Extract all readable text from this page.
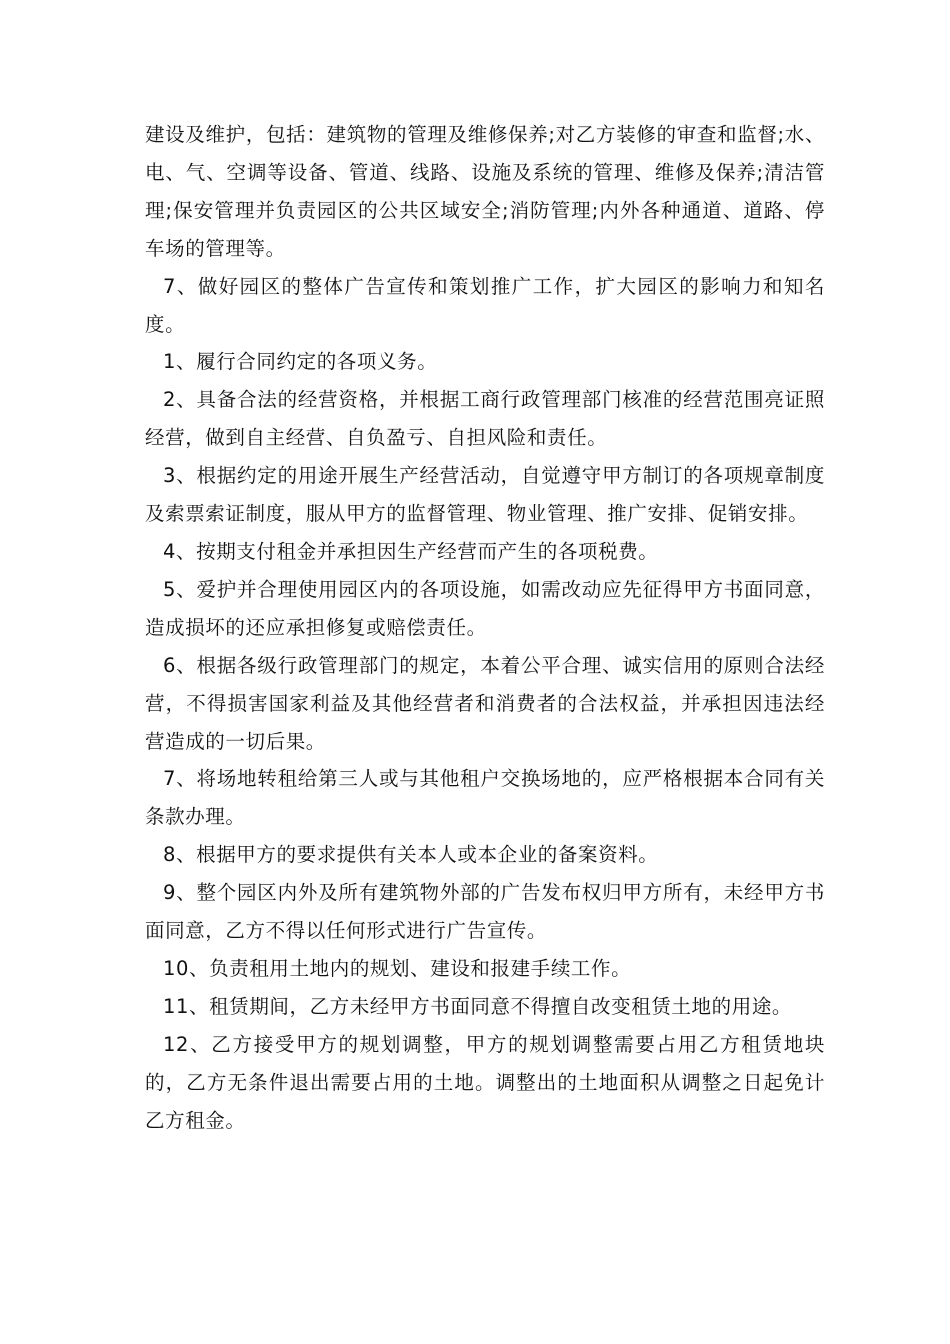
建设及维护，包括：建筑物的管理及维修保养;对乙方装修的审查和监督;水、电、气、空调等设备、管道、线路、设施及系统的管理、维修及保养;清洁管理;保安管理并负责园区的公共区域安全;消防管理;内外各种通道、道路、停车场的管理等。

7、做好园区的整体广告宣传和策划推广工作，扩大园区的影响力和知名度。

1、履行合同约定的各项义务。

2、具备合法的经营资格，并根据工商行政管理部门核准的经营范围亮证照经营，做到自主经营、自负盈亏、自担风险和责任。

3、根据约定的用途开展生产经营活动，自觉遵守甲方制订的各项规章制度及索票索证制度，服从甲方的监督管理、物业管理、推广安排、促销安排。

4、按期支付租金并承担因生产经营而产生的各项税费。

5、爱护并合理使用园区内的各项设施，如需改动应先征得甲方书面同意，造成损坏的还应承担修复或赔偿责任。

6、根据各级行政管理部门的规定，本着公平合理、诚实信用的原则合法经营，不得损害国家利益及其他经营者和消费者的合法权益，并承担因违法经营造成的一切后果。

7、将场地转租给第三人或与其他租户交换场地的，应严格根据本合同有关条款办理。

8、根据甲方的要求提供有关本人或本企业的备案资料。

9、整个园区内外及所有建筑物外部的广告发布权归甲方所有，未经甲方书面同意，乙方不得以任何形式进行广告宣传。

10、负责租用土地内的规划、建设和报建手续工作。

11、租赁期间，乙方未经甲方书面同意不得擅自改变租赁土地的用途。

12、乙方接受甲方的规划调整，甲方的规划调整需要占用乙方租赁地块的，乙方无条件退出需要占用的土地。调整出的土地面积从调整之日起免计乙方租金。
